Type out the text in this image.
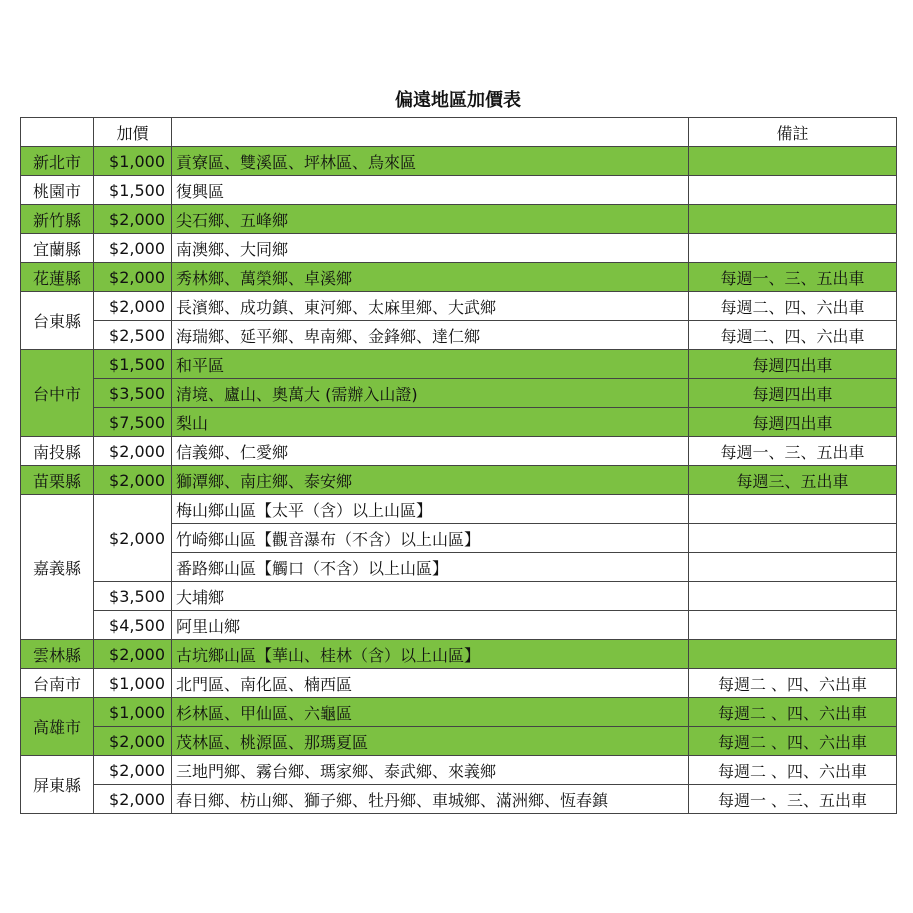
偏遠地區加價表
	加價		備註
新北市	$1,000	貢寮區、雙溪區、坪林區、烏來區	
桃園市	$1,500	復興區	
新竹縣	$2,000	尖石鄉、五峰鄉	
宜蘭縣	$2,000	南澳鄉、大同鄉	
花蓮縣	$2,000	秀林鄉、萬榮鄉、卓溪鄉	每週一、三、五出車
台東縣	$2,000	長濱鄉、成功鎮、東河鄉、太麻里鄉、大武鄉	每週二、四、六出車
	$2,500	海瑞鄉、延平鄉、卑南鄉、金鋒鄉、達仁鄉	每週二、四、六出車
台中市	$1,500	和平區	每週四出車
	$3,500	清境、廬山、奧萬大 (需辦入山證)	每週四出車
	$7,500	梨山	每週四出車
南投縣	$2,000	信義鄉、仁愛鄉	每週一、三、五出車
苗栗縣	$2,000	獅潭鄉、南庄鄉、泰安鄉	每週三、五出車
嘉義縣	$2,000	梅山鄉山區【太平（含）以上山區】	
		竹崎鄉山區【觀音瀑布（不含）以上山區】	
		番路鄉山區【觸口（不含）以上山區】	
	$3,500	大埔鄉	
	$4,500	阿里山鄉	
雲林縣	$2,000	古坑鄉山區【華山、桂林（含）以上山區】	
台南市	$1,000	北門區、南化區、楠西區	每週二 、四、六出車
高雄市	$1,000	杉林區、甲仙區、六龜區	每週二 、四、六出車
	$2,000	茂林區、桃源區、那瑪夏區	每週二 、四、六出車
屏東縣	$2,000	三地門鄉、霧台鄉、瑪家鄉、泰武鄉、來義鄉	每週二 、四、六出車
	$2,000	春日鄉、枋山鄉、獅子鄉、牡丹鄉、車城鄉、滿洲鄉、恆春鎮	每週一 、三、五出車
